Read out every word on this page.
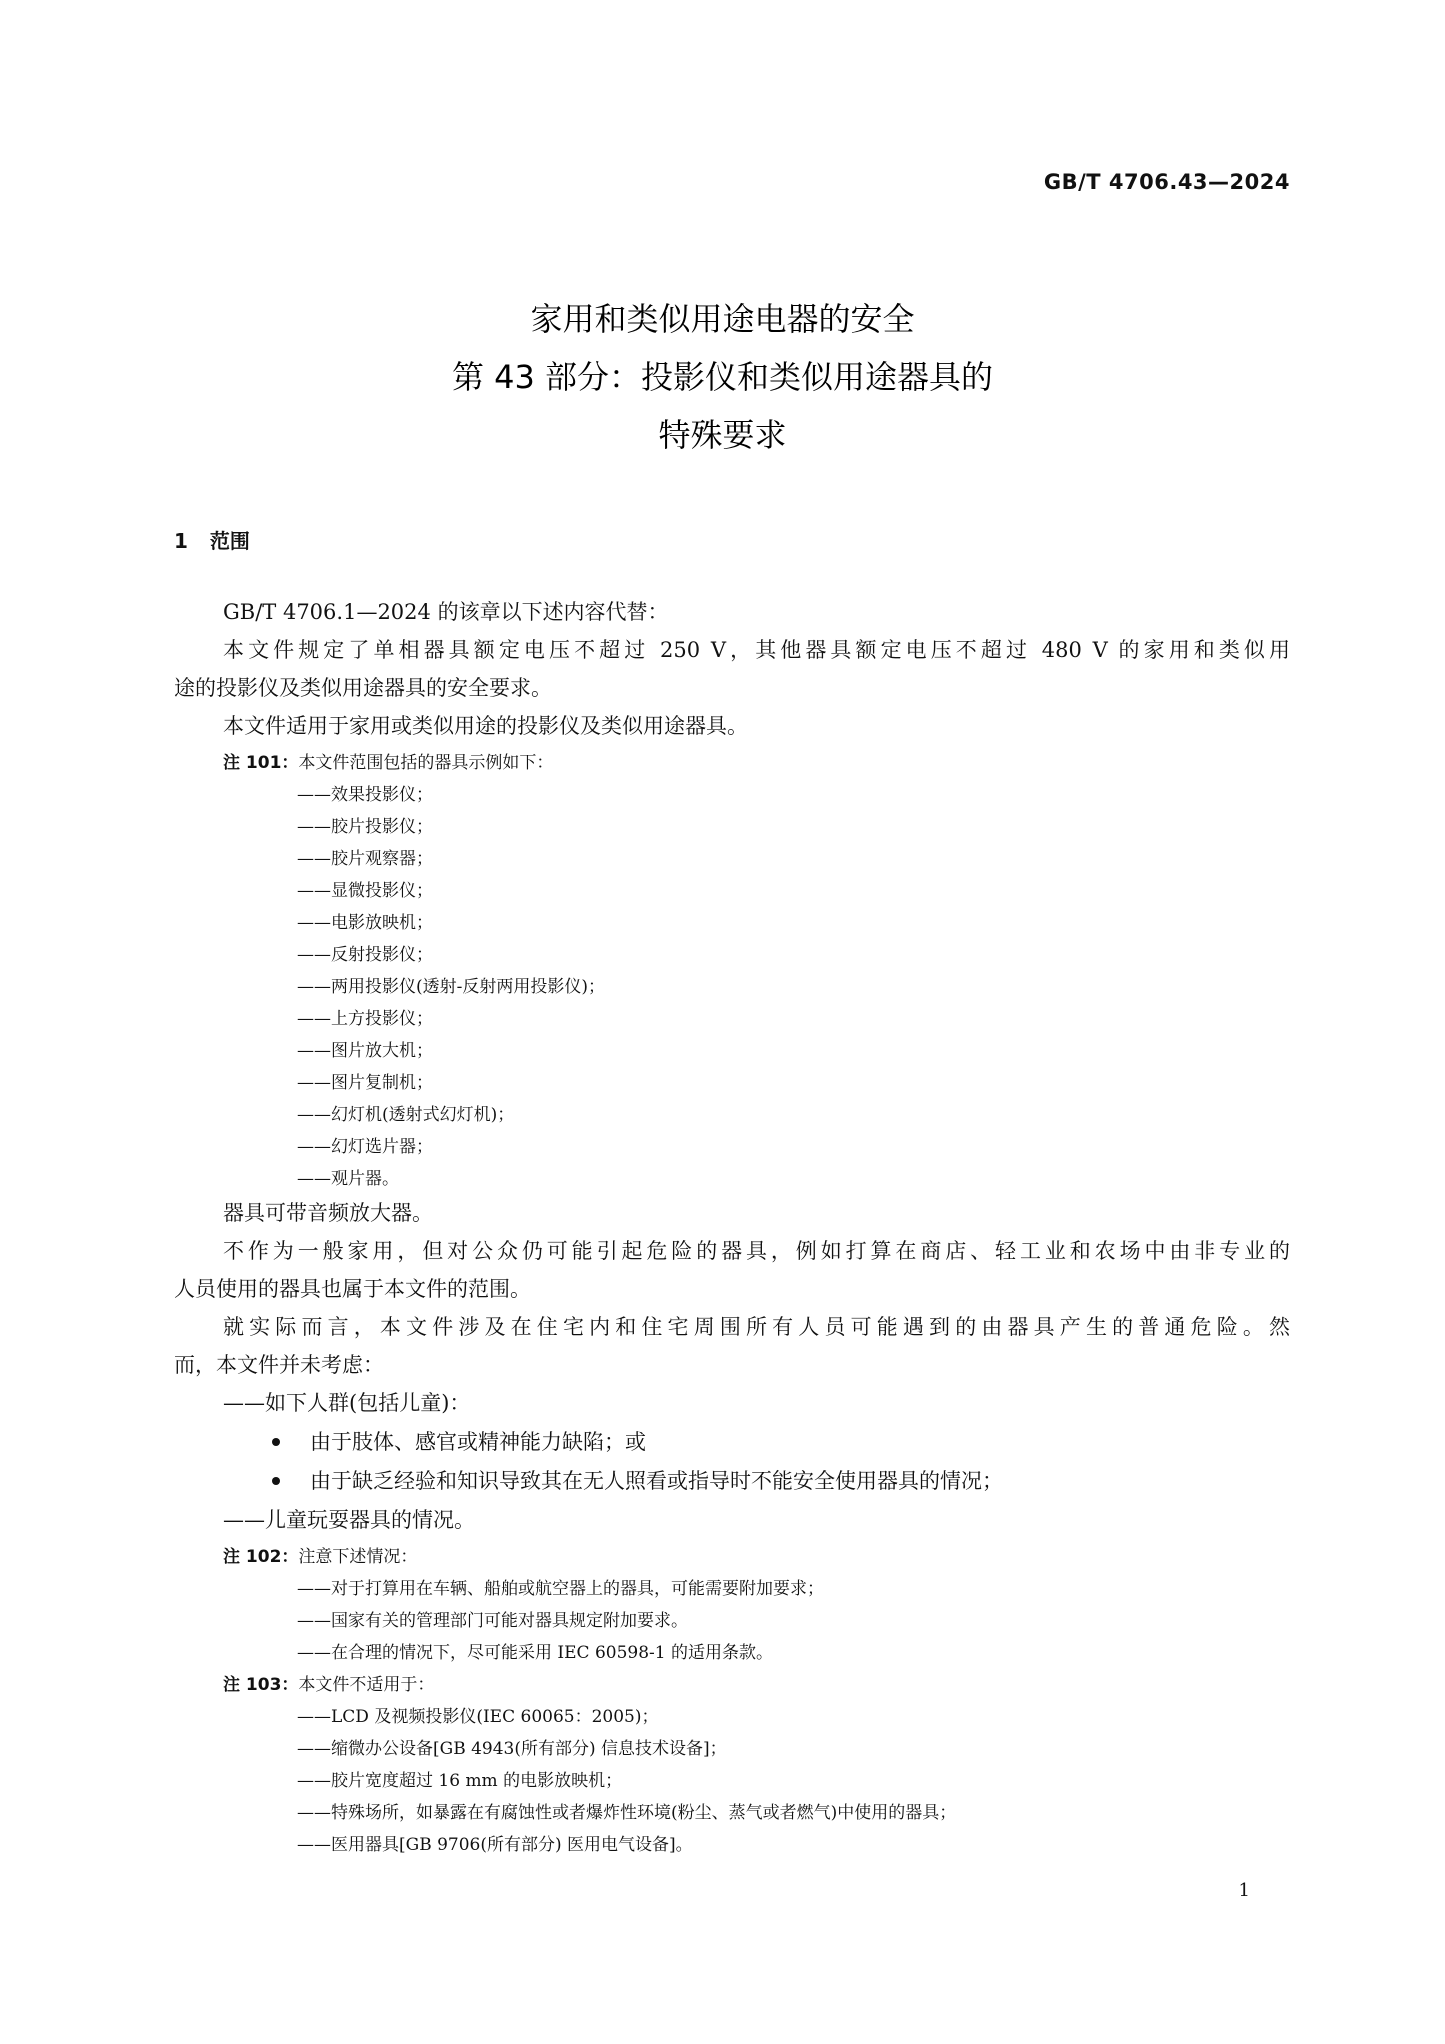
GB/T 4706.43—2024
家用和类似用途电器的安全
第 43 部分：投影仪和类似用途器具的
特殊要求
1 范围
GB/T 4706.1—2024 的该章以下述内容代替：
本文件规定了单相器具额定电压不超过 250 V，其他器具额定电压不超过 480 V 的家用和类似用
途的投影仪及类似用途器具的安全要求。
本文件适用于家用或类似用途的投影仪及类似用途器具。
注 101：本文件范围包括的器具示例如下：
——效果投影仪；
——胶片投影仪；
——胶片观察器；
——显微投影仪；
——电影放映机；
——反射投影仪；
——两用投影仪(透射-反射两用投影仪)；
——上方投影仪；
——图片放大机；
——图片复制机；
——幻灯机(透射式幻灯机)；
——幻灯选片器；
——观片器。
器具可带音频放大器。
不作为一般家用，但对公众仍可能引起危险的器具，例如打算在商店、轻工业和农场中由非专业的
人员使用的器具也属于本文件的范围。
就实际而言，本文件涉及在住宅内和住宅周围所有人员可能遇到的由器具产生的普通危险。然
而，本文件并未考虑：
——如下人群(包括儿童)：
由于肢体、感官或精神能力缺陷；或
由于缺乏经验和知识导致其在无人照看或指导时不能安全使用器具的情况；
——儿童玩耍器具的情况。
注 102：注意下述情况：
——对于打算用在车辆、船舶或航空器上的器具，可能需要附加要求；
——国家有关的管理部门可能对器具规定附加要求。
——在合理的情况下，尽可能采用 IEC 60598-1 的适用条款。
注 103：本文件不适用于：
——LCD 及视频投影仪(IEC 60065：2005)；
——缩微办公设备[GB 4943(所有部分) 信息技术设备]；
——胶片宽度超过 16 mm 的电影放映机；
——特殊场所，如暴露在有腐蚀性或者爆炸性环境(粉尘、蒸气或者燃气)中使用的器具；
——医用器具[GB 9706(所有部分) 医用电气设备]。
1
